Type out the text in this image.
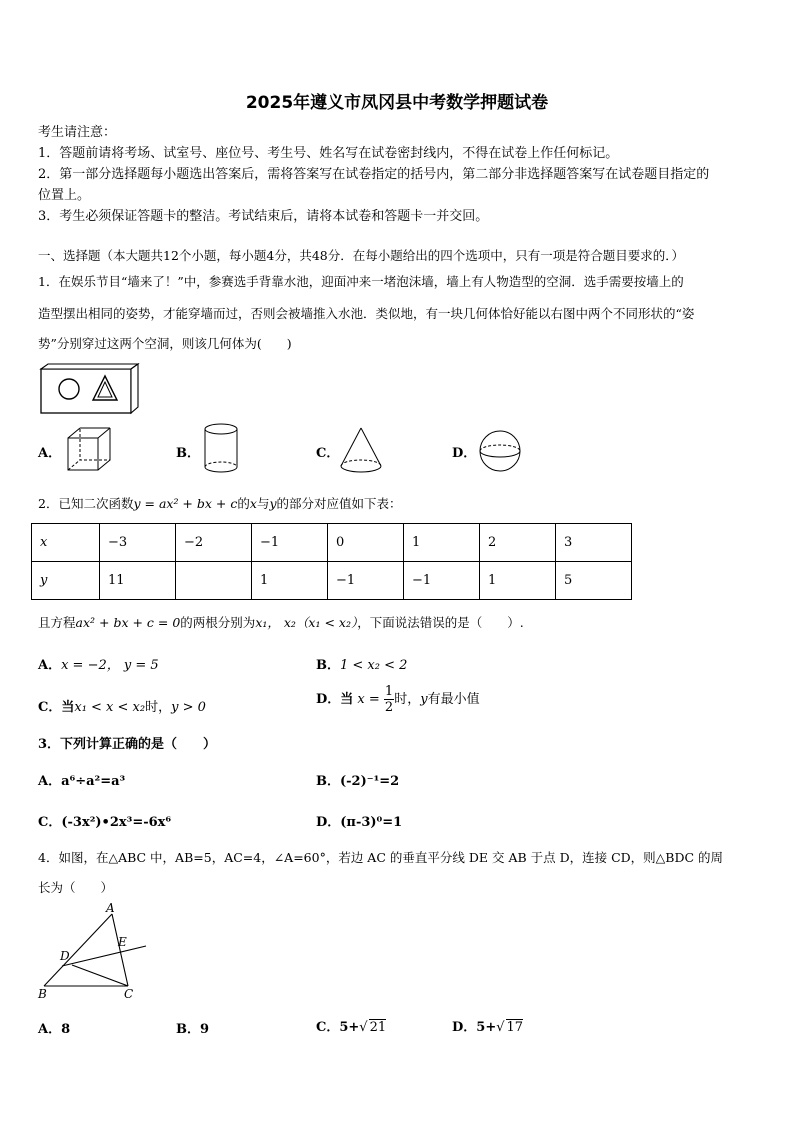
2025年遵义市凤冈县中考数学押题试卷
考生请注意：
1．答题前请将考场、试室号、座位号、考生号、姓名写在试卷密封线内，不得在试卷上作任何标记。
2．第一部分选择题每小题选出答案后，需将答案写在试卷指定的括号内，第二部分非选择题答案写在试卷题目指定的
位置上。
3．考生必须保证答题卡的整洁。考试结束后，请将本试卷和答题卡一并交回。
一、选择题（本大题共12个小题，每小题4分，共48分．在每小题给出的四个选项中，只有一项是符合题目要求的．）
1．在娱乐节目“墙来了！”中，参赛选手背靠水池，迎面冲来一堵泡沫墙，墙上有人物造型的空洞．选手需要按墙上的
造型摆出相同的姿势，才能穿墙而过，否则会被墙推入水池．类似地，有一块几何体恰好能以右图中两个不同形状的“姿
势”分别穿过这两个空洞，则该几何体为(　　)
A．	B．	C．	D．
2．已知二次函数y = ax² + bx + c的x与y的部分对应值如下表：
x	−3	−2	−1	0	1	2	3
y	11		1	−1	−1	1	5
且方程ax² + bx + c = 0的两根分别为x₁， x₂（x₁ < x₂），下面说法错误的是（　　）.
A．x = −2， y = 5	B．1 < x₂ < 2
C．当x₁ < x < x₂时，y > 0
D．当 $x = \frac{1}{2}$ 时，y有最小值
3．下列计算正确的是（　　）
A．a⁶÷a²=a³	B．(-2)⁻¹=2
C．(-3x²)•2x³=-6x⁶	D．(π-3)⁰=1
4．如图，在△ABC 中，AB=5，AC=4，∠A=60°，若边 AC 的垂直平分线 DE 交 AB 于点 D，连接 CD，则△BDC 的周
长为（　　）
A
E
D
B	C
A．8	B．9	C．5+√ 21	D．5+√ 17
